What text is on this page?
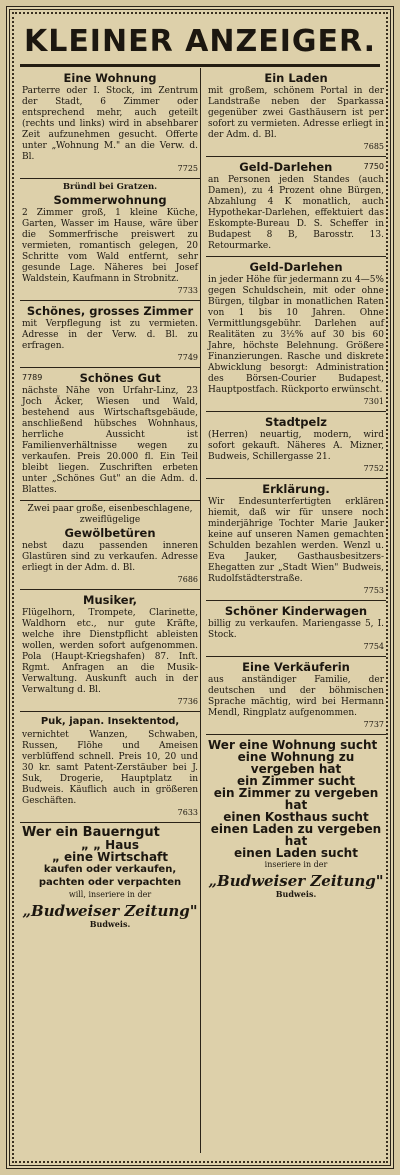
KLEINER ANZEIGER.
Eine Wohnung
Parterre oder I. Stock, im Zentrum der Stadt, 6 Zimmer oder entsprechend mehr, auch geteilt (rechts und links) wird in absehbarer Zeit aufzunehmen gesucht. Offerte unter „Wohnung M." an die Verw. d. Bl.
7725
Bründl bei Gratzen.
Sommerwohnung
2 Zimmer groß, 1 kleine Küche, Garten, Wasser im Hause, wäre über die Sommerfrische preiswert zu vermieten, romantisch gelegen, 20 Schritte vom Wald entfernt, sehr gesunde Lage. Näheres bei Josef Waldstein, Kaufmann in Strobnitz.
7733
Schönes, grosses Zimmer
mit Verpflegung ist zu vermieten. Adresse in der Verw. d. Bl. zu erfragen.
7749
7789	Schönes Gut
nächste Nähe von Urfahr-Linz, 23 Joch Äcker, Wiesen und Wald, bestehend aus Wirtschaftsgebäude, anschließend hübsches Wohnhaus, herrliche Aussicht ist Familienverhältnisse wegen zu verkaufen. Preis 20.000 fl. Ein Teil bleibt liegen. Zuschriften erbeten unter „Schönes Gut" an die Adm. d. Blattes.
Zwei paar große, eisenbeschlagene, zweiflügelige
Gewölbetüren
nebst dazu passenden inneren Glastüren sind zu verkaufen. Adresse erliegt in der Adm. d. Bl.
7686
Musiker,
Flügelhorn, Trompete, Clarinette, Waldhorn etc., nur gute Kräfte, welche ihre Dienstpflicht ableisten wollen, werden sofort aufgenommen. Pola (Haupt-Kriegshafen) 87. Inft. Rgmt. Anfragen an die Musik-Verwaltung. Auskunft auch in der Verwaltung d. Bl.
7736
Puk, japan. Insektentod,
vernichtet Wanzen, Schwaben, Russen, Flöhe und Ameisen verblüffend schnell. Preis 10, 20 und 30 kr. samt Patent-Zerstäuber bei J. Suk, Drogerie, Hauptplatz in Budweis. Käuflich auch in größeren Geschäften.
7633
Wer ein Bauerngut
„ „ Haus
„ eine Wirtschaft
kaufen oder verkaufen, pachten oder verpachten
will, inseriere in der
„Budweiser Zeitung"
Budweis.
Ein Laden
mit großem, schönem Portal in der Landstraße neben der Sparkassa gegenüber zwei Gasthäusern ist per sofort zu vermieten. Adresse erliegt in der Adm. d. Bl.
7685
Geld-Darlehen	7750
an Personen jeden Standes (auch Damen), zu 4 Prozent ohne Bürgen, Abzahlung 4 K monatlich, auch Hypothekar-Darlehen, effektuiert das Eskompte-Bureau D. S. Scheffer in Budapest 8 B, Barosstr. 13. Retourmarke.
Geld-Darlehen
in jeder Höhe für jedermann zu 4—5% gegen Schuldschein, mit oder ohne Bürgen, tilgbar in monatlichen Raten von 1 bis 10 Jahren. Ohne Vermittlungsgebühr. Darlehen auf Realitäten zu 3½% auf 30 bis 60 Jahre, höchste Belehnung. Größere Finanzierungen. Rasche und diskrete Abwicklung besorgt: Administration des Börsen-Courier Budapest, Hauptpostfach. Rückporto erwünscht.
7301
Stadtpelz
(Herren) neuartig, modern, wird sofort gekauft. Näheres A. Mizner, Budweis, Schillergasse 21.
7752
Erklärung.
Wir Endesunterfertigten erklären hiemit, daß wir für unsere noch minderjährige Tochter Marie Jauker keine auf unseren Namen gemachten Schulden bezahlen werden. Wenzl u. Eva Jauker, Gasthausbesitzers-Ehegatten zur „Stadt Wien" Budweis, Rudolfstädterstraße.
7753
Schöner Kinderwagen
billig zu verkaufen. Mariengasse 5, I. Stock.
7754
Eine Verkäuferin
aus anständiger Familie, der deutschen und der böhmischen Sprache mächtig, wird bei Hermann Mendl, Ringplatz aufgenommen.
7737
Wer eine Wohnung sucht
eine Wohnung zu vergeben hat
ein Zimmer sucht
ein Zimmer zu vergeben hat
einen Kosthaus sucht
einen Laden zu vergeben hat
einen Laden sucht
inseriere in der
„Budweiser Zeitung"
Budweis.
